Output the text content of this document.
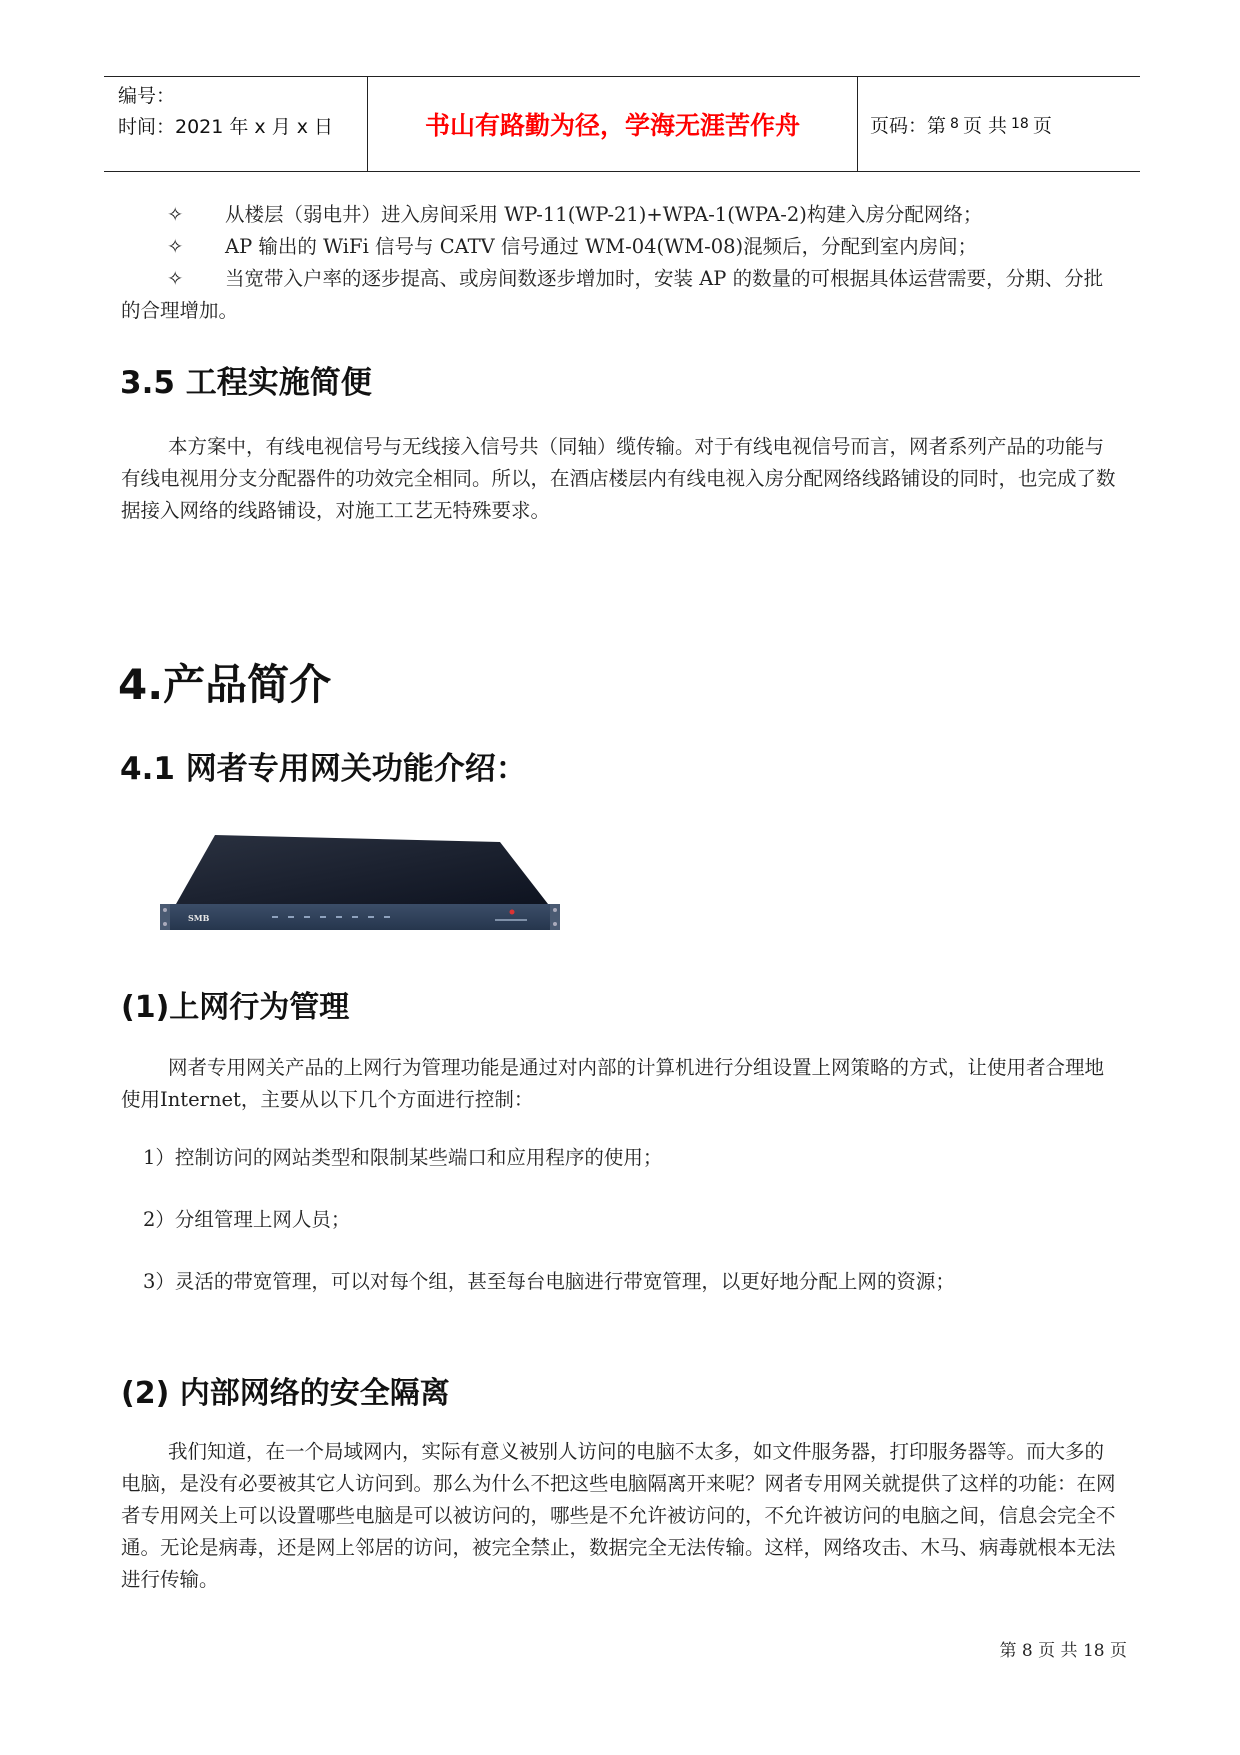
编号：
时间：2021 年 x 月 x 日	书山有路勤为径，学海无涯苦作舟	页码：第 8 页 共 18 页
✧ 从楼层（弱电井）进入房间采用 WP-11(WP-21)+WPA-1(WPA-2)构建入房分配网络；
✧ AP 输出的 WiFi 信号与 CATV 信号通过 WM-04(WM-08)混频后，分配到室内房间；
✧ 当宽带入户率的逐步提高、或房间数逐步增加时，安装 AP 的数量的可根据具体运营需要，分期、分批的合理增加。
3.5 工程实施简便
本方案中，有线电视信号与无线接入信号共（同轴）缆传输。对于有线电视信号而言，网者系列产品的功能与有线电视用分支分配器件的功效完全相同。所以，在酒店楼层内有线电视入房分配网络线路铺设的同时，也完成了数据接入网络的线路铺设，对施工工艺无特殊要求。
4.产品简介
4.1 网者专用网关功能介绍：
SMB
(1)上网行为管理
网者专用网关产品的上网行为管理功能是通过对内部的计算机进行分组设置上网策略的方式，让使用者合理地使用Internet，主要从以下几个方面进行控制：
1）控制访问的网站类型和限制某些端口和应用程序的使用；
2）分组管理上网人员；
3）灵活的带宽管理，可以对每个组，甚至每台电脑进行带宽管理，以更好地分配上网的资源；
(2) 内部网络的安全隔离
我们知道，在一个局域网内，实际有意义被别人访问的电脑不太多，如文件服务器，打印服务器等。而大多的电脑，是没有必要被其它人访问到。那么为什么不把这些电脑隔离开来呢？网者专用网关就提供了这样的功能：在网者专用网关上可以设置哪些电脑是可以被访问的，哪些是不允许被访问的，不允许被访问的电脑之间，信息会完全不通。无论是病毒，还是网上邻居的访问，被完全禁止，数据完全无法传输。这样，网络攻击、木马、病毒就根本无法进行传输。
第 8 页 共 18 页
